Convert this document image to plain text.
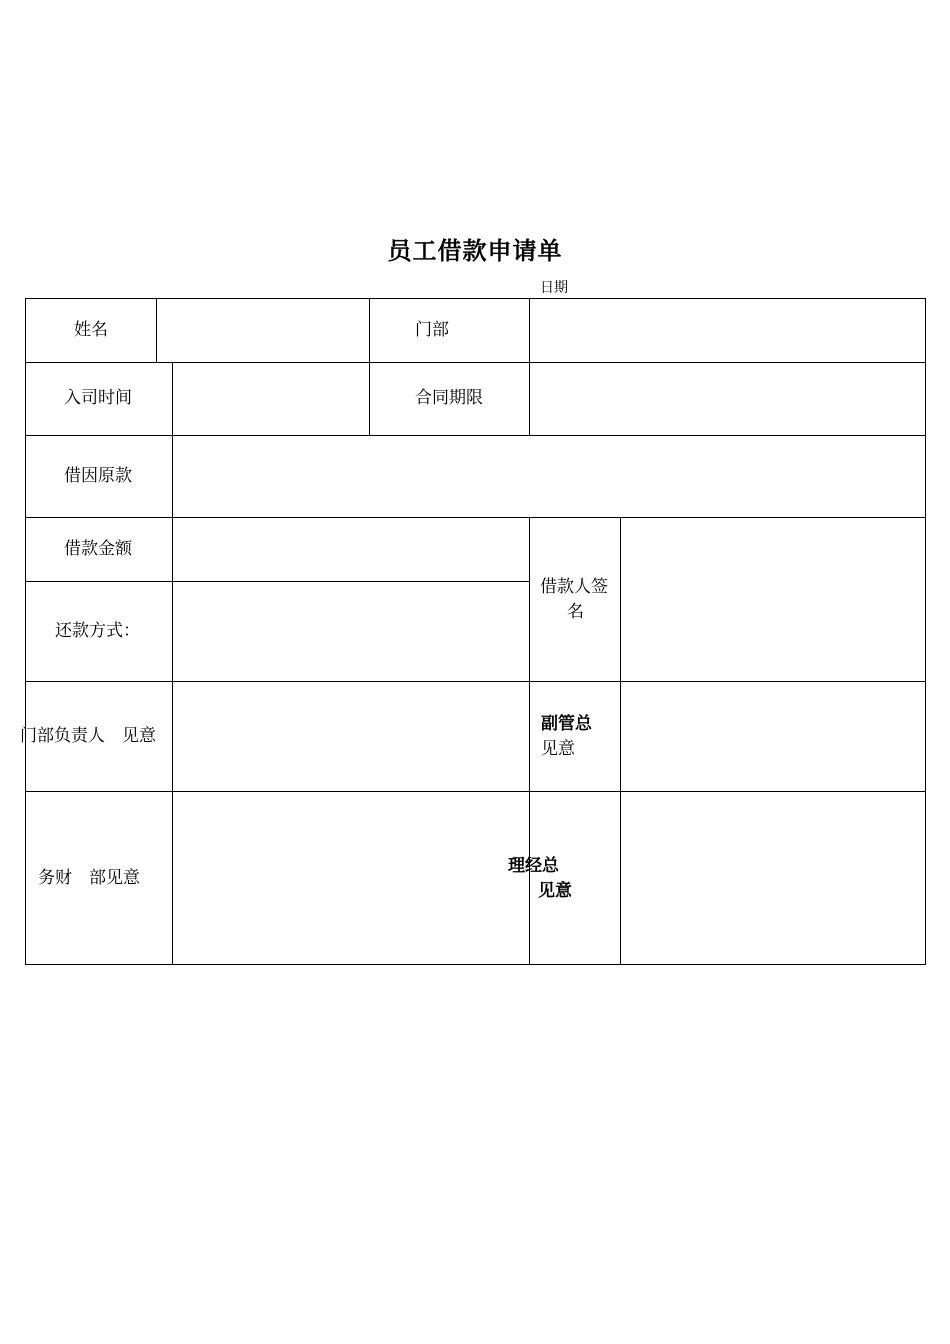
员工借款申请单
日期
姓名	门部
入司时间	合同期限
借因原款
借款金额
还款方式：
借款人签
名
门部负责人　见意
副管总
见意
务财　部见意
理经总
见意
